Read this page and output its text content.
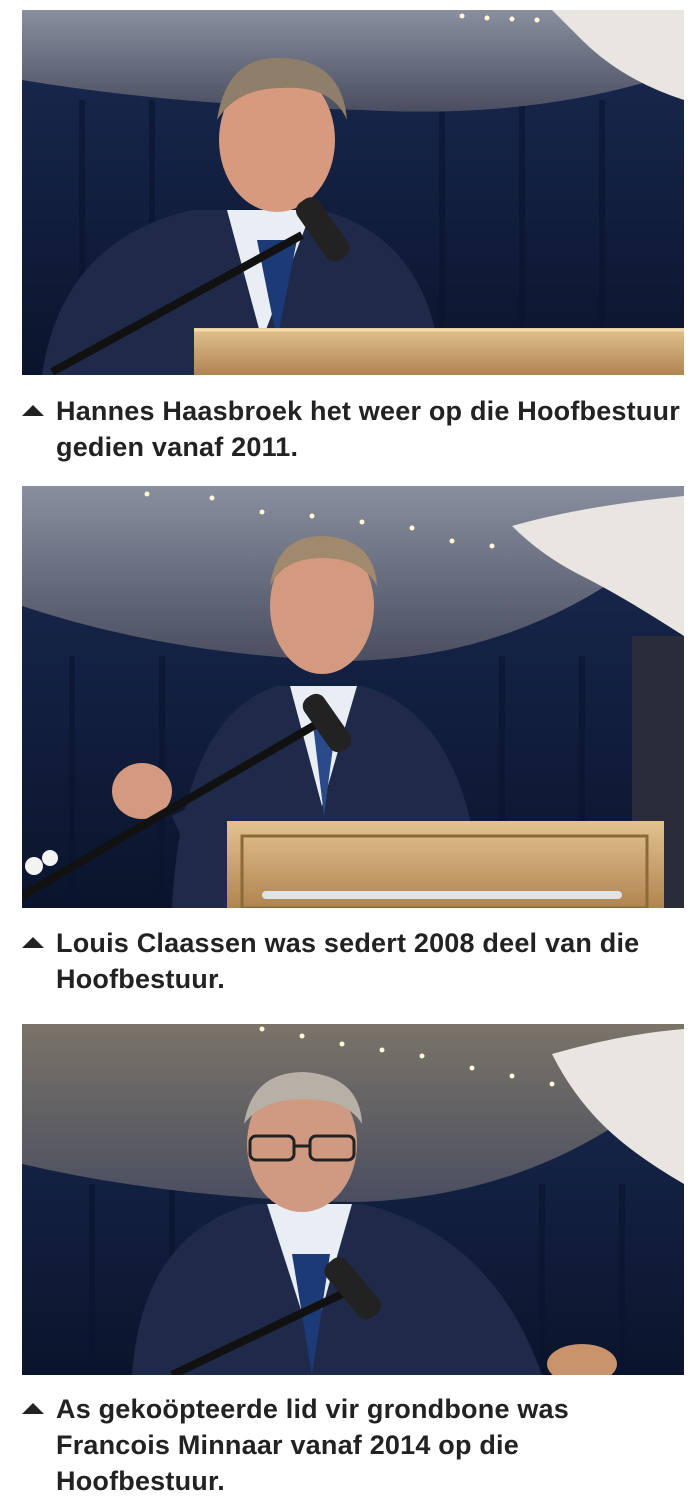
Hannes Haasbroek het weer op die Hoofbestuur gedien vanaf 2011.
Louis Claassen was sedert 2008 deel van die Hoofbestuur.
As gekoöpteerde lid vir grondbone was Francois Minnaar vanaf 2014 op die Hoofbestuur.
